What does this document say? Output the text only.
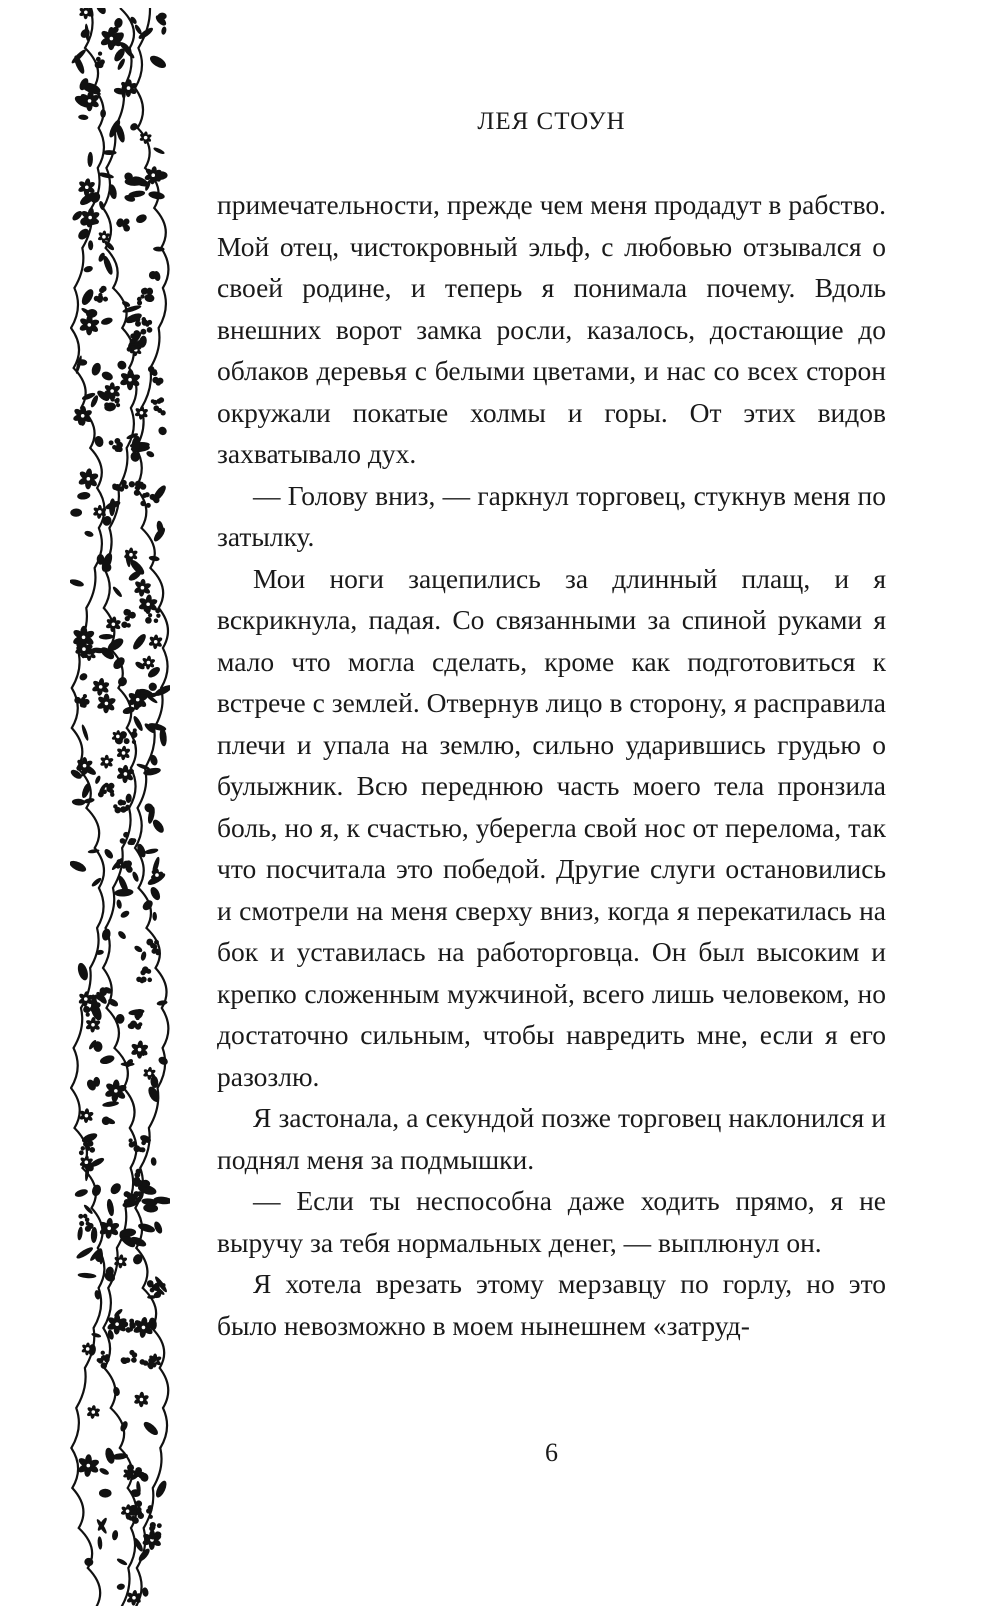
ЛЕЯ СТОУН

примечательности, прежде чем меня продадут в рабство. Мой отец, чистокровный эльф, с любовью отзывался о своей родине, и теперь я понимала почему. Вдоль внешних ворот замка росли, казалось, достающие до облаков деревья с белыми цветами, и нас со всех сторон окружали покатые холмы и горы. От этих видов захватывало дух.

— Голову вниз, — гаркнул торговец, стукнув меня по затылку.

Мои ноги зацепились за длинный плащ, и я вскрикнула, падая. Со связанными за спиной руками я мало что могла сделать, кроме как подготовиться к встрече с землей. Отвернув лицо в сторону, я расправила плечи и упала на землю, сильно ударившись грудью о булыжник. Всю переднюю часть моего тела пронзила боль, но я, к счастью, уберегла свой нос от перелома, так что посчитала это победой. Другие слуги остановились и смотрели на меня сверху вниз, когда я перекатилась на бок и уставилась на работорговца. Он был высоким и крепко сложенным мужчиной, всего лишь человеком, но достаточно сильным, чтобы навредить мне, если я его разозлю.

Я застонала, а секундой позже торговец наклонился и поднял меня за подмышки.

— Если ты неспособна даже ходить прямо, я не выручу за тебя нормальных денег, — выплюнул он.

Я хотела врезать этому мерзавцу по горлу, но это было невозможно в моем нынешнем «затруд-

6
